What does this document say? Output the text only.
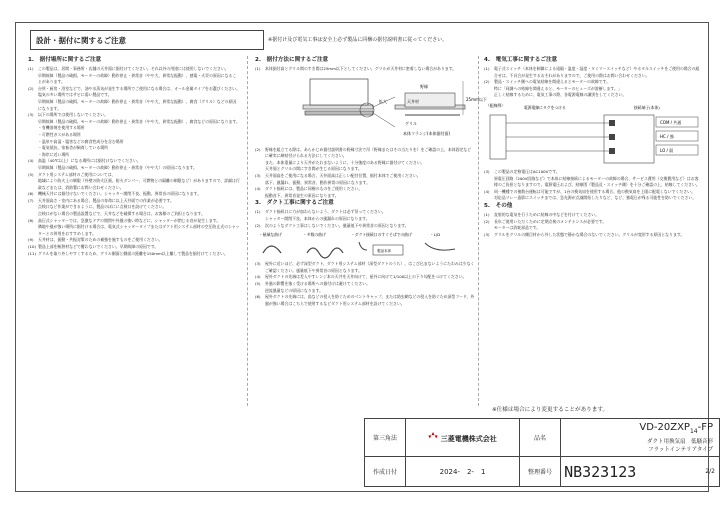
設計・据付に関するご注意	※据付け及び電気工事は安全上必ず製品に同梱の据付説明書に従ってください。
1.　据付場所に関するご注意
(1)	この製品は、居間・事務所・店舗の天井面に据付けてください。それ以外の用途には使用しないでください。
早期故障（製品の破損、モーターの故障）動作停止・異常音（やや大、異常な振動）、感電・火災の原因になることがあります。
(2)	台所・厨房・浴室などで、油や水蒸気が発生する場所でご使用になる場合は、オール金属タイプをお選びください。塩気の多い場所ではサビに弱い製品です。
早期故障（製品の破損、モーターの故障）動作停止・異常音（やや大、異常な振動）、腐食（グリル）などの原因になります。
(3)	以下の場所では使用しないでください。
早期故障（製品の破損、モーターの故障）動作停止・異常音（やや大、異常な振動）、腐食などの原因になります。
・有機溶剤を使用する場所
・可燃性ガスがある場所
・温泉や高湿・塩害などの腐食性成分を含む場所
・電気抵抗、家畜舎が飼育している場所
・海岸に近い場所
(4)	高温（40℃以上）になる場所には据付けないでください。
早期故障（製品の破損、モーターの故障）動作停止・異常音（やや大）の原因になります。
(5)	ダクト用システム部材のご使用については、
地域により防火上の制限（外壁の防火区画、防火ダンパー、可燃物との隔離の制限など）がありますので、詳細は行政などまたは、消防署にお問い合わせください。
(6)	機械天井には据付けないでください。シャッター開閉不良、振動、異常音の原因になります。
(7)	天井面高さ・室内にある場合、製品の寿命に以上天井面での作業が必要です。
点検口など作業ができるように、製品のぼにに点検口を設けてください。
点検口がない場合の製品設置などで、天井などを破損する場合は、お客様のご負担となります。
(8)	高圧式シャッターでは、急激なドアの開閉や外風の強い時などに、シャッターが閉じる音が発生します。
隣地や風が強い場所に据付ける場合は、電気式シャッタータイプまたはダクト用システム部材の空圧防止式のシャッターとの併用をおすすめします。
(9)	天井材は、振動・共振対策のための補強を施すものをご使用ください。
(10) 製品上部を断熱材などで覆わないでください。早期故障の原因です。
(11) グリルを取り外しやすくするため、グリル側面と側面の距離を150mm以上離して製品を据付けてください。
2.　据付方法に関するご注意
(1)	本体据付高とグリル間のすき間は25mm以下としてください。グリルが天井材に密着しない場合があります。
野縁
天井材	25mm以下
拡大
グリル
本体フランジ(本体据付面)
(2)	野縁を組立てる際は、あらかじめ据付説明書の野縁寸法で吊（野縁またはその当たりを）をご確認の上、本体固定などに確実に締結付けられる方法にしてください。
また、本体重量により天井がたわまないように、十分強度のある野縁に据付けてください。
天井面とグリルの間にすき間が生じる原因になります。
(3)	天井面高をご使用になる場合、天井面高は正しい配付位置、据付本体でご使用ください。
落下、風漏れ、振動、異常音、動作異常の原因になります。
(4)	ダクト接続には、製品に同梱のものをご使用ください。
振動音下、異常音発生の原因になります。
3.　ダクト工事に関するご注意
(1)	ダクト接続口に力が加わらないよう、ダクトは必ず吊ってください。
シャッター開閉不良、本体からの風漏れの原因になります。
(2)	次のようなダクト工事はしないでください。風量低下や異常音の原因となります。
・極端な曲げ	・多数の曲げ	・ダクト接続口のすぐそばでの曲げ	・L/D
製品本体
(3)	屋外に近いほど、必ず深型ダクト、ダクト用システム部材（深型ダクトのうち）、はこび込まないようにたわみは少なくご確認ください。風量低下や異常音の原因となります。
(4)	屋外ダクトの先端は差入やすレンジ本の天井を天井向けて、屋外に向けて1/100以上の下り勾配をつけてください。
(5)	外風の影響を強く受ける場所への据付けは避けてください。
逆流風量などの原因になります。
(6)	屋外ダクトの先端には、鳥などの侵入を防ぐためのベントキャップ、または防虫網などの侵入を防ぐため深型フード、外風が強い場合はこちらで使用するなどダクト用システム部材を設けてください。
4.　電気工事に関するご注意
(1)	電子式スイッチ（本体を制御による遠隔・温度・湿度・タイマースイッチなど）やホタルスイッチをご使用の場合の組合せは、不具合が発生するおそれがありますので、ご使用の際はお問い合わせください。
(2)	製品・スイッチ側への電気結線を間違えるとモーターの故障です。
特に「同調への結線を間違えると、モーターのヒューズが溶断します。」
正しく結線するために、電気工事の際、各電源電線の識別をしてください。
（配線例）	電源電線にタグをつける	接続端子(本体)
COM / 共通
HC / 強
LO / 弱
(3)	この製品の定格電圧はAC100Vです。
異電圧回路（200V回路など）で本体に結線接続によるモーターの故障の場合、サービス費用（交換費用など）はお客様のご負担となりますので、電源電圧および、結線図（製品及・スイッチ側）を十分ご確認の上、結線してください。
(4)	同一機種での複数台運転は可能ですが、1台の換気扇を使用する場合、他の換気扇を上限に配電しないでください。
対応品リレー造影にスイッチまでは、急光源が点滅開始したりなど、など、強電圧が残る可能性を防いでください。
5.　その他
(1)	直射的な電気を行うために結線の中などを付けてください。
(2)	長年ご使用いただくために定期点検のメンテナンスが必要です。
モーターは消耗部品です。
(3)	グリルをグリルの側目材から外した状態で静かな場合のないでください。グリルが変形する原因となります。
※仕様は場合により変更することがあります。
第三角法	三菱電機株式会社	品名	$VD-20ZXP_{14}-FP$
ダクト用換気扇　低騒音形
フラットインテリアタイプ

作成日付	2024-　2-　1	整理番号	NB323123 2/2
